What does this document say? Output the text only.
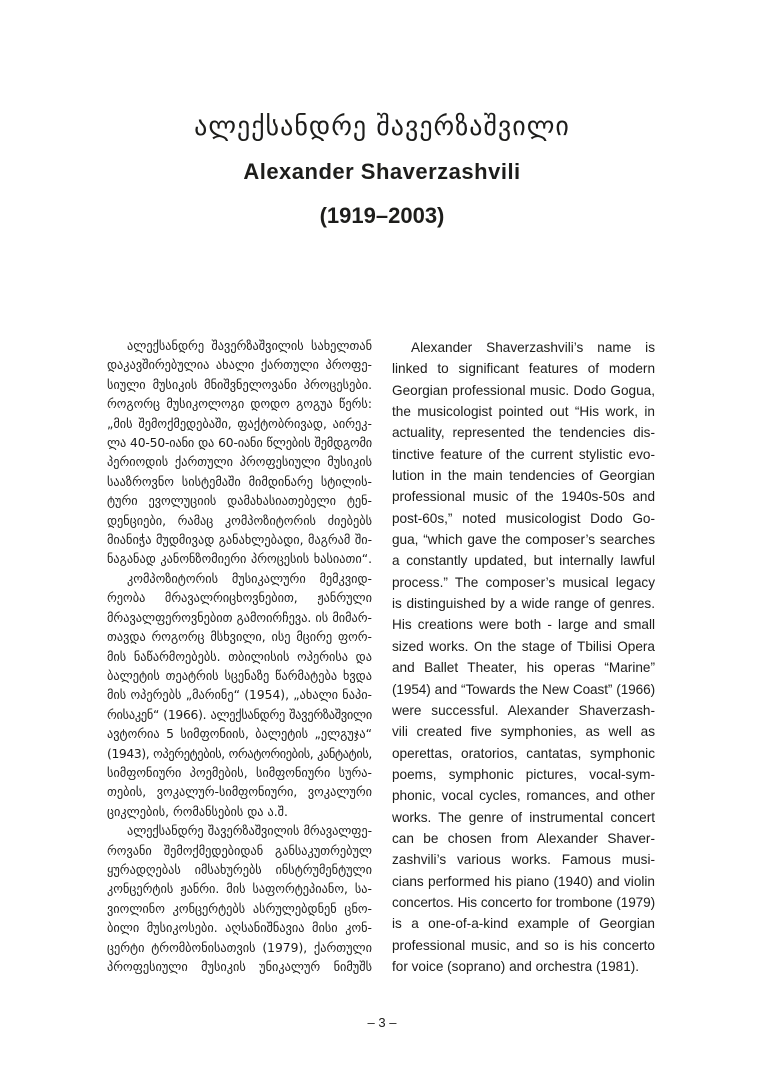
ალექსანდრე შავერზაშვილი
Alexander Shaverzashvili
(1919–2003)
ალექსანდრე შავერზაშვილის სახელთან
დაკავშირებულია ახალი ქართული პროფე-
სიული მუსიკის მნიშვნელოვანი პროცესები.
როგორც მუსიკოლოგი დოდო გოგუა წერს:
„მის შემოქმედებაში, ფაქტობრივად, აირეკ-
ლა 40-50-იანი და 60-იანი წლების შემდგომი
პერიოდის ქართული პროფესიული მუსიკის
სააზროვნო სისტემაში მიმდინარე სტილის-
ტური ევოლუციის დამახასიათებელი ტენ-
დენციები, რამაც კომპოზიტორის ძიებებს
მიანიჭა მუდმივად განახლებადი, მაგრამ ში-
ნაგანად კანონზომიერი პროცესის ხასიათი“.
კომპოზიტორის მუსიკალური მემკვიდ-
რეობა მრავალრიცხოვნებით, ჟანრული
მრავალფეროვნებით გამოირჩევა. ის მიმარ-
თავდა როგორც მსხვილი, ისე მცირე ფორ-
მის ნაწარმოებებს. თბილისის ოპერისა და
ბალეტის თეატრის სცენაზე წარმატება ხვდა
მის ოპერებს „მარინე“ (1954), „ახალი ნაპი-
რისაკენ“ (1966). ალექსანდრე შავერზაშვილი
ავტორია 5 სიმფონიის, ბალეტის „ელგუჯა“
(1943), ოპერეტების, ორატორიების, კანტატის,
სიმფონიური პოემების, სიმფონიური სურა-
თების, ვოკალურ-სიმფონიური, ვოკალური
ციკლების, რომანსების და ა.შ.
ალექსანდრე შავერზაშვილის მრავალფე-
როვანი შემოქმედებიდან განსაკუთრებულ
ყურადღებას იმსახურებს ინსტრუმენტული
კონცერტის ჟანრი. მის საფორტეპიანო, სა-
ვიოლინო კონცერტებს ასრულებდნენ ცნო-
ბილი მუსიკოსები. აღსანიშნავია მისი კონ-
ცერტი ტრომბონისათვის (1979), ქართული
პროფესიული მუსიკის უნიკალურ ნიმუშს
Alexander Shaverzashvili’s name is
linked to significant features of modern
Georgian professional music. Dodo Gogua,
the musicologist pointed out “His work, in
actuality, represented the tendencies dis-
tinctive feature of the current stylistic evo-
lution in the main tendencies of Georgian
professional music of the 1940s-50s and
post-60s,” noted musicologist Dodo Go-
gua, “which gave the composer’s searches
a constantly updated, but internally lawful
process.” The composer’s musical legacy
is distinguished by a wide range of genres.
His creations were both - large and small
sized works. On the stage of Tbilisi Opera
and Ballet Theater, his operas “Marine”
(1954) and “Towards the New Coast” (1966)
were successful. Alexander Shaverzash-
vili created five symphonies, as well as
operettas, oratorios, cantatas, symphonic
poems, symphonic pictures, vocal-sym-
phonic, vocal cycles, romances, and other
works. The genre of instrumental concert
can be chosen from Alexander Shaver-
zashvili’s various works. Famous musi-
cians performed his piano (1940) and violin
concertos. His concerto for trombone (1979)
is a one-of-a-kind example of Georgian
professional music, and so is his concerto
for voice (soprano) and orchestra (1981).
– 3 –
